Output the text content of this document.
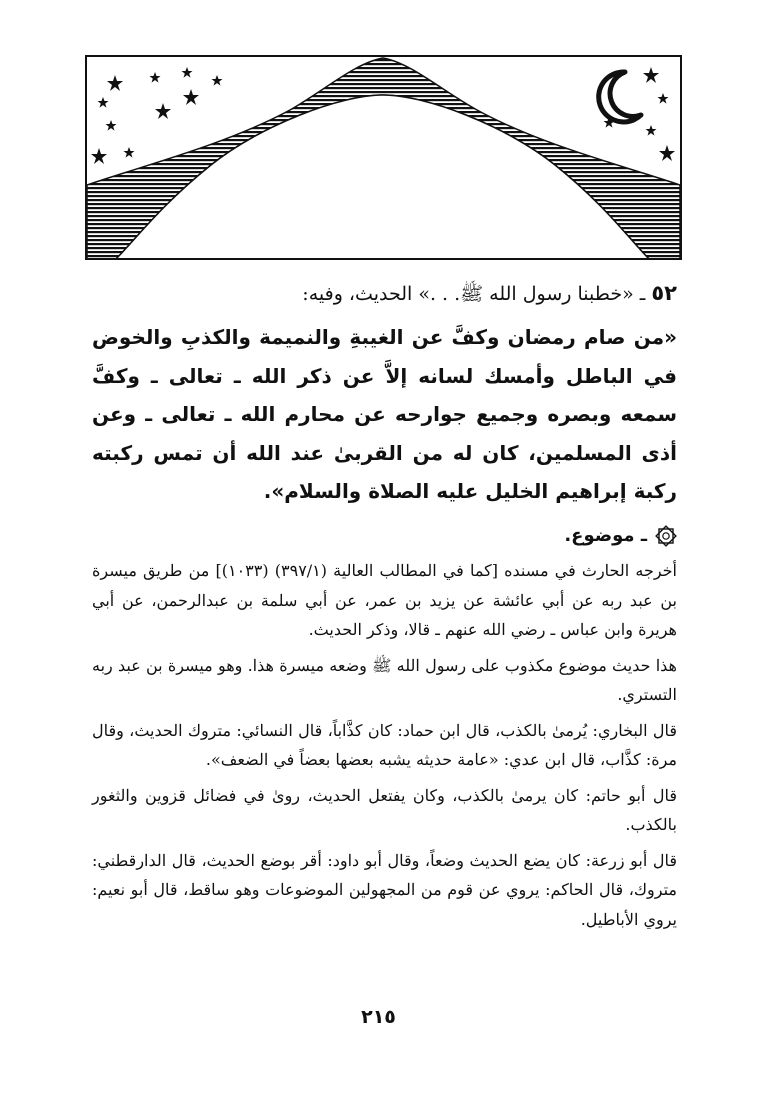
٥٢ ـ «خطبنا رسول الله ﷺ. . .» الحديث، وفيه:
«من صام رمضان وكفَّ عن الغيبةِ والنميمة والكذبِ والخوض في الباطل وأمسك لسانه إلاَّ عن ذكر الله ـ تعالى ـ وكفَّ سمعه وبصره وجميع جوارحه عن محارم الله ـ تعالى ـ وعن أذى المسلمين، كان له من القربىٰ عند الله أن تمس ركبته ركبة إبراهيم الخليل عليه الصلاة والسلام».
ـ موضوع.

أخرجه الحارث في مسنده [كما في المطالب العالية (٣٩٧/١) (١٠٣٣)] من طريق ميسرة بن عبد ربه عن أبي عائشة عن يزيد بن عمر، عن أبي سلمة بن عبدالرحمن، عن أبي هريرة وابن عباس ـ رضي الله عنهم ـ قالا، وذكر الحديث.

هذا حديث موضوع مكذوب على رسول الله ﷺ وضعه ميسرة هذا. وهو ميسرة بن عبد ربه التستري.

قال البخاري: يُرمىٰ بالكذب، قال ابن حماد: كان كذَّاباً، قال النسائي: متروك الحديث، وقال مرة: كذَّاب، قال ابن عدي: «عامة حديثه يشبه بعضها بعضاً في الضعف».

قال أبو حاتم: كان يرمىٰ بالكذب، وكان يفتعل الحديث، روىٰ في فضائل قزوين والثغور بالكذب.

قال أبو زرعة: كان يضع الحديث وضعاً، وقال أبو داود: أقر بوضع الحديث، قال الدارقطني: متروك، قال الحاكم: يروي عن قوم من المجهولين الموضوعات وهو ساقط، قال أبو نعيم: يروي الأباطيل.

٢١٥
